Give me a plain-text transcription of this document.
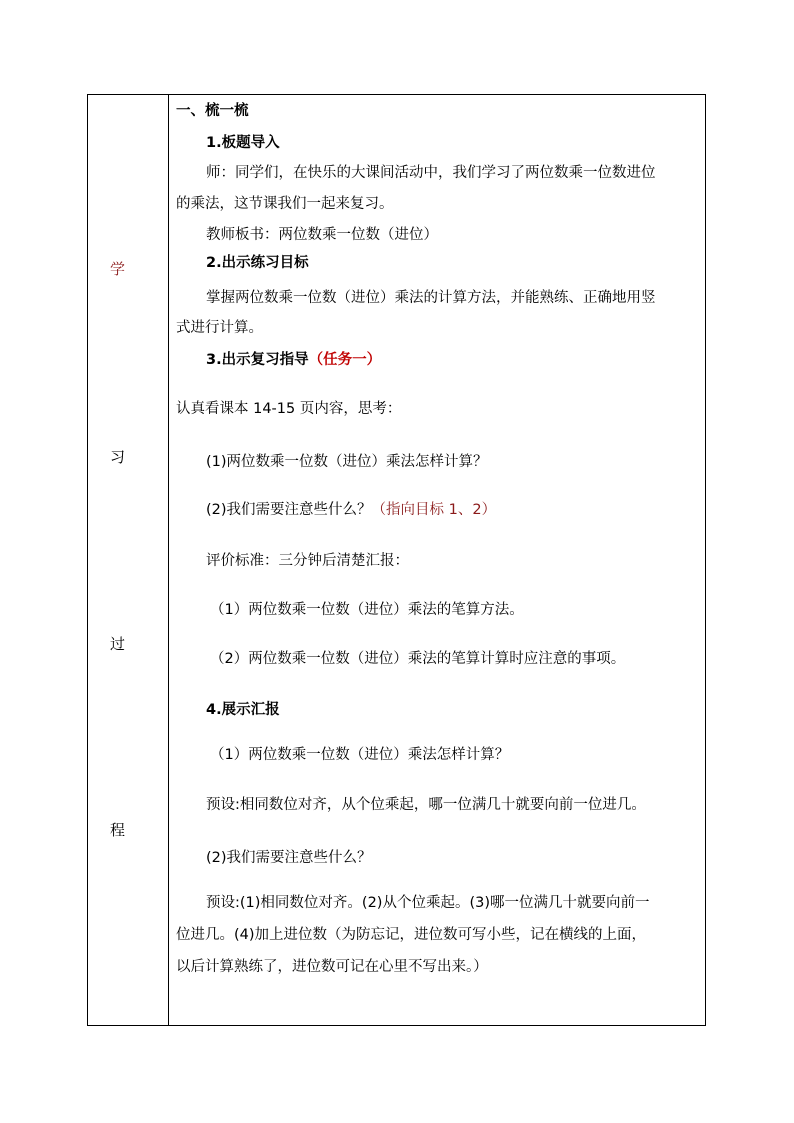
学
习
过
程
一、梳一梳
1.板题导入
师：同学们，在快乐的大课间活动中，我们学习了两位数乘一位数进位
的乘法，这节课我们一起来复习。
教师板书：两位数乘一位数（进位）
2.出示练习目标
掌握两位数乘一位数（进位）乘法的计算方法，并能熟练、正确地用竖
式进行计算。
3.出示复习指导（任务一）
认真看课本 14-15 页内容，思考：
(1)两位数乘一位数（进位）乘法怎样计算？
(2)我们需要注意些什么？（指向目标 1、2）
评价标准：三分钟后清楚汇报：
（1）两位数乘一位数（进位）乘法的笔算方法。
（2）两位数乘一位数（进位）乘法的笔算计算时应注意的事项。
4.展示汇报
（1）两位数乘一位数（进位）乘法怎样计算？
预设:相同数位对齐，从个位乘起，哪一位满几十就要向前一位进几。
(2)我们需要注意些什么？
预设:(1)相同数位对齐。(2)从个位乘起。(3)哪一位满几十就要向前一
位进几。(4)加上进位数（为防忘记，进位数可写小些，记在横线的上面，
以后计算熟练了，进位数可记在心里不写出来。）
